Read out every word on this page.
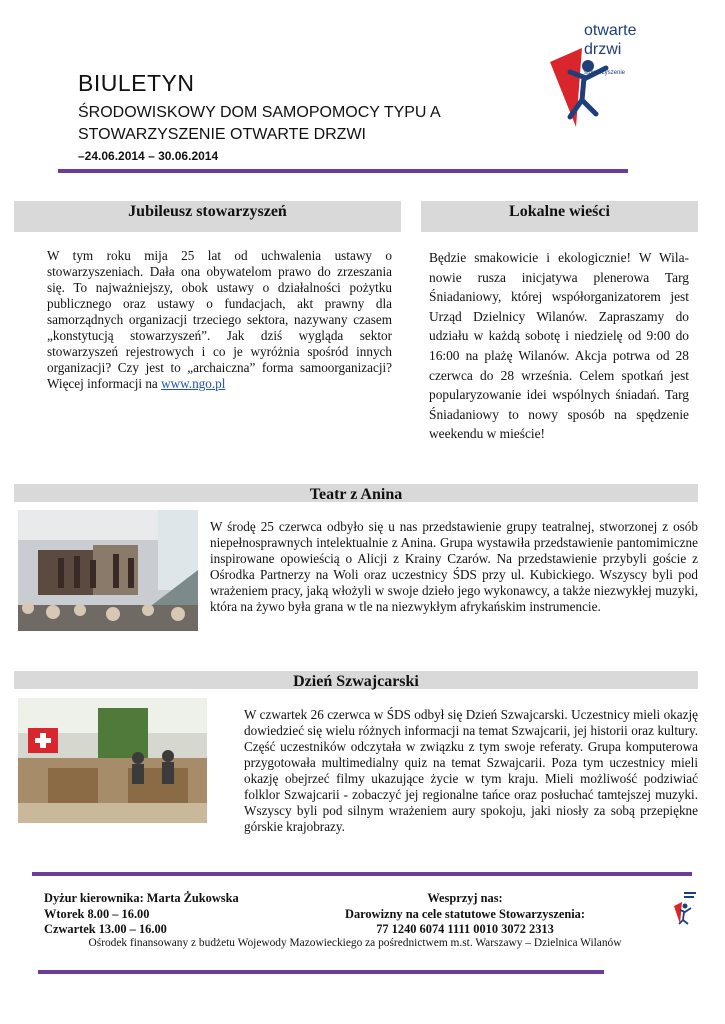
BIULETYN
ŚRODOWISKOWY DOM SAMOPOMOCY TYPU A
STOWARZYSZENIE OTWARTE DRZWI
–24.06.2014 – 30.06.2014
otwarte
drzwi
stowarzyszenie
Jubileusz stowarzyszeń
W tym roku mija 25 lat od uchwalenia ustawy o stowarzyszeniach. Dała ona obywatelom prawo do zrzeszania się. To najważniejszy, obok ustawy o działalności pożytku publicznego oraz ustawy o fundacjach, akt prawny dla samorządnych organizacji trzeciego sektora, nazywany czasem „konstytucją stowarzyszeń”. Jak dziś wygląda sektor stowarzyszeń rejestrowych i co je wyróżnia spośród innych organizacji? Czy jest to „archaiczna” forma samoorganizacji? Więcej informacji na www.ngo.pl
Lokalne wieści
Będzie smakowicie i ekologicznie! W Wila-nowie rusza inicjatywa plenerowa Targ Śniadaniowy, której współorganizatorem jest Urząd Dzielnicy Wilanów. Zapraszamy do udziału w każdą sobotę i niedzielę od 9:00 do 16:00 na plażę Wilanów. Akcja potrwa od 28 czerwca do 28 września. Celem spotkań jest popularyzowanie idei wspólnych śniadań. Targ Śniadaniowy to nowy sposób na spędzenie weekendu w mieście!
Teatr z Anina
W środę 25 czerwca odbyło się u nas przedstawienie grupy teatralnej, stworzonej z osób niepełnosprawnych intelektualnie z Anina. Grupa wystawiła przedstawienie pantomimiczne inspirowane opowieścią o Alicji z Krainy Czarów. Na przedstawienie przybyli goście z Ośrodka Partnerzy na Woli oraz uczestnicy ŚDS przy ul. Kubickiego. Wszyscy byli pod wrażeniem pracy, jaką włożyli w swoje dzieło jego wykonawcy, a także niezwykłej muzyki, która na żywo była grana w tle na niezwykłym afrykańskim instrumencie.
Dzień Szwajcarski
W czwartek 26 czerwca w ŚDS odbył się Dzień Szwajcarski. Uczestnicy mieli okazję dowiedzieć się wielu różnych informacji na temat Szwajcarii, jej historii oraz kultury. Część uczestników odczytała w związku z tym swoje referaty. Grupa komputerowa przygotowała multimedialny quiz na temat Szwajcarii. Poza tym uczestnicy mieli okazję obejrzeć filmy ukazujące życie w tym kraju. Mieli możliwość podziwiać folklor Szwajcarii - zobaczyć jej regionalne tańce oraz posłuchać tamtejszej muzyki. Wszyscy byli pod silnym wrażeniem aury spokoju, jaki niosły za sobą przepiękne górskie krajobrazy.
Dyżur kierownika: Marta Żukowska
Wtorek 8.00 – 16.00
Czwartek 13.00 – 16.00
Wesprzyj nas:
Darowizny na cele statutowe Stowarzyszenia:
77 1240 6074 1111 0010 3072 2313
Ośrodek finansowany z budżetu Wojewody Mazowieckiego za pośrednictwem m.st. Warszawy – Dzielnica Wilanów
